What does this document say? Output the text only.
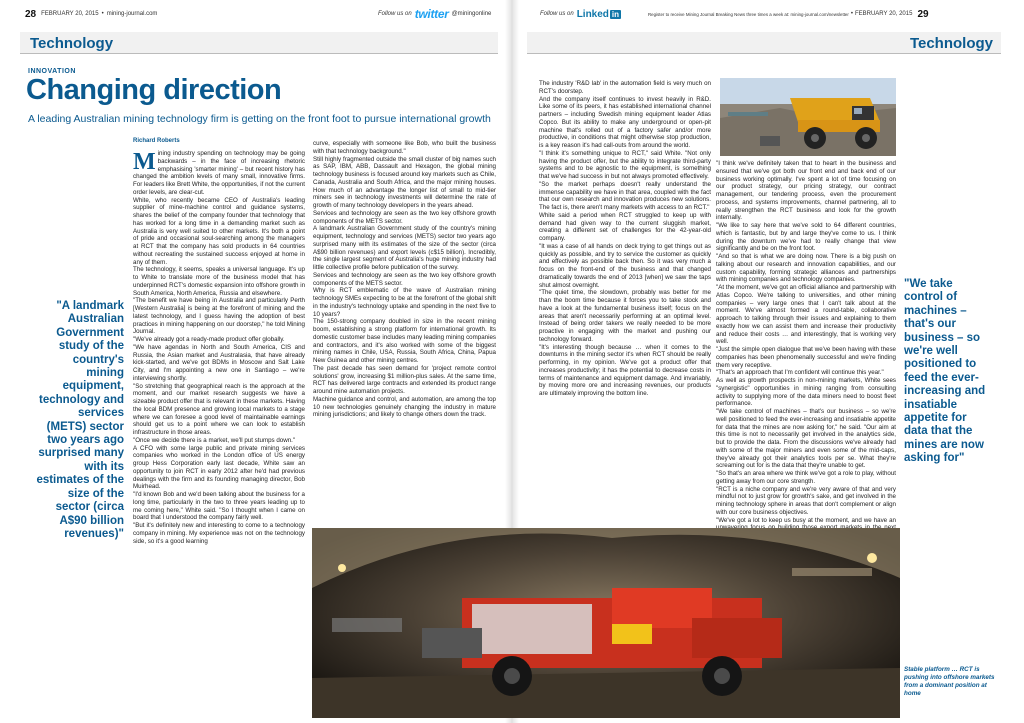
28 FEBRUARY 20, 2015 • mining-journal.com	Follow us on twitter @miningonline	Follow us on Linked in	Register to receive Mining Journal Breaking News three times a week at: mining-journal.com/newsletter • FEBRUARY 20, 2015 29
Technology	Technology
INNOVATION
Changing direction
A leading Australian mining technology firm is getting on the front foot to pursue international growth
Richard Roberts
"A landmark Australian Government study of the country's mining equipment, technology and services (METS) sector two years ago surprised many with its estimates of the size of the sector (circa A$90 billion revenues)"
M ining industry spending on technology may be going backwards – in the face of increasing rhetoric emphasising 'smarter mining' – but recent history has changed the ambition levels of many small, innovative firms. For leaders like Brett White, the opportunities, if not the current order levels, are clear-cut.

White, who recently became CEO of Australia's leading supplier of mine-machine control and guidance systems, shares the belief of the company founder that technology that has worked for a long time in a demanding market such as Australia is very well suited to other markets. It's both a point of pride and occasional soul-searching among the managers at RCT that the company has sold products in 64 countries without recreating the sustained success enjoyed at home in any of them.

The technology, it seems, speaks a universal language. It's up to White to translate more of the business model that has underpinned RCT's domestic expansion into offshore growth in South America, North America, Russia and elsewhere.

"The benefit we have being in Australia and particularly Perth [Western Australia] is being at the forefront of mining and the latest technology, and I guess having the adoption of best practices in mining happening on our doorstep," he told Mining Journal.

"We've already got a ready-made product offer globally.

"We have agendas in North and South America, CIS and Russia, the Asian market and Australasia, that have already kick-started, and we've got BDMs in Moscow and Salt Lake City, and I'm appointing a new one in Santiago – we're interviewing shortly.

"So stretching that geographical reach is the approach at the moment, and our market research suggests we have a sizeable product offer that is relevant in these markets. Having the local BDM presence and growing local markets to a stage where we can foresee a good level of maintainable earnings should get us to a point where we can look to establish infrastructure in those areas.

"Once we decide there is a market, we'll put stumps down."

A CFO with some large public and private mining services companies who worked in the London office of US energy group Hess Corporation early last decade, White saw an opportunity to join RCT in early 2012 after he'd had previous dealings with the firm and its founding managing director, Bob Muirhead.

"I'd known Bob and we'd been talking about the business for a long time, particularly in the two to three years leading up to me coming here," White said. "So I thought when I came on board that I understood the company fairly well.

"But it's definitely new and interesting to come to a technology company in mining. My experience was not on the technology side, so it's a good learning

curve, especially with someone like Bob, who built the business with that technology background."

Still highly fragmented outside the small cluster of big names such as SAP, IBM, ABB, Dassault and Hexagon, the global mining technology business is focused around key markets such as Chile, Canada, Australia and South Africa, and the major mining houses. How much of an advantage the longer list of small to mid-tier miners see in technology investments will determine the rate of growth of many technology developers in the years ahead.

Services and technology are seen as the two key offshore growth components of the METS sector.

A landmark Australian Government study of the country's mining equipment, technology and services (METS) sector two years ago surprised many with its estimates of the size of the sector (circa A$90 billion revenues) and export levels (c$15 billion). Incredibly, the single largest segment of Australia's huge mining industry had little collective profile before publication of the survey.

Services and technology are seen as the two key offshore growth components of the METS sector.

Why is RCT emblematic of the wave of Australian mining technology SMEs expecting to be at the forefront of the global shift in the industry's technology uptake and spending in the next five to 10 years?

The 150-strong company doubled in size in the recent mining boom, establishing a strong platform for international growth. Its domestic customer base includes many leading mining companies and contractors, and it's also worked with some of the biggest mining names in Chile, USA, Russia, South Africa, China, Papua New Guinea and other mining centres.

The past decade has seen demand for 'project remote control solutions' grow, increasing $1 million-plus sales. At the same time, RCT has delivered large contracts and extended its product range around mine automation projects.

Machine guidance and control, and automation, are among the top 10 new technologies genuinely changing the industry in mature mining jurisdictions; and likely to change others down the track.

The industry 'R&D lab' in the automation field is very much on RCT's doorstep.

And the company itself continues to invest heavily in R&D. Like some of its peers, it has established international channel partners – including Swedish mining equipment leader Atlas Copco. But its ability to make any underground or open-pit machine that's rolled out of a factory safer and/or more productive, in conditions that might otherwise stop production, is a key reason it's had call-outs from around the world.

"I think it's something unique to RCT," said White. "Not only having the product offer, but the ability to integrate third-party systems and to be agnostic to the equipment, is something that we've had success in but not always promoted effectively.

"So the market perhaps doesn't really understand the immense capability we have in that area, coupled with the fact that our own research and innovation produces new solutions. The fact is, there aren't many markets with access to an RCT."

White said a period when RCT struggled to keep up with demand had given way to the current sluggish market, creating a different set of challenges for the 42-year-old company.

"It was a case of all hands on deck trying to get things out as quickly as possible, and try to service the customer as quickly and effectively as possible back then. So it was very much a focus on the front-end of the business and that changed dramatically towards the end of 2013 [when] we saw the taps shut almost overnight.

"The quiet time, the slowdown, probably was better for me than the boom time because it forces you to take stock and have a look at the fundamental business itself; focus on the areas that aren't necessarily performing at an optimal level. Instead of being order takers we really needed to be more proactive in engaging with the market and pushing our technology forward.

"It's interesting though because … when it comes to the downturns in the mining sector it's when RCT should be really performing, in my opinion. We've got a product offer that increases productivity; it has the potential to decrease costs in terms of maintenance and equipment damage. And invariably, by moving more ore and increasing revenues, our products are ultimately improving the bottom line.

"I think we've definitely taken that to heart in the business and ensured that we've got both our front end and back end of our business working optimally. I've spent a lot of time focusing on our product strategy, our pricing strategy, our contract management, our tendering process, even the procurement process, and systems improvements, channel partnering, all to really strengthen the RCT business and look for the growth internally.

"We like to say here that we've sold to 64 different countries, which is fantastic, but by and large they've come to us. I think during the downturn we've had to really change that view significantly and be on the front foot.

"And so that is what we are doing now. There is a big push on talking about our research and innovation capabilities, and our custom capability, forming strategic alliances and partnerships with mining companies and technology companies.

"At the moment, we've got an official alliance and partnership with Atlas Copco. We're talking to universities, and other mining companies – very large ones that I can't talk about at the moment. We've almost formed a round-table, collaborative approach to talking through their issues and explaining to them exactly how we can assist them and increase their productivity and reduce their costs … and interestingly, that is working very well.

"Just the simple open dialogue that we've been having with these companies has been phenomenally successful and we're finding them very receptive.

"That's an approach that I'm confident will continue this year."

As well as growth prospects in non-mining markets, White sees "synergistic" opportunities in mining ranging from consulting activity to supplying more of the data miners need to boost fleet performance.

"We take control of machines – that's our business – so we're well positioned to feed the ever-increasing and insatiable appetite for data that the mines are now asking for," he said. "Our aim at this time is not to necessarily get involved in the analytics side, but to provide the data. From the discussions we've already had with some of the major miners and even some of the mid-caps, they've already got their analytics tools per se. What they're screaming out for is the data that they're unable to get.

"So that's an area where we think we've got a role to play, without getting away from our core strength.

"RCT is a niche company and we're very aware of that and very mindful not to just grow for growth's sake, and get involved in the mining technology sphere in areas that don't complement or align with our core business objectives.

"We've got a lot to keep us busy at the moment, and we have an

"We take control of machines – that's our business – so we're well positioned to feed the ever-increasing and insatiable appetite for data that the mines are now asking for"
Stable platform … RCT is pushing into offshore markets from a dominant position at home
